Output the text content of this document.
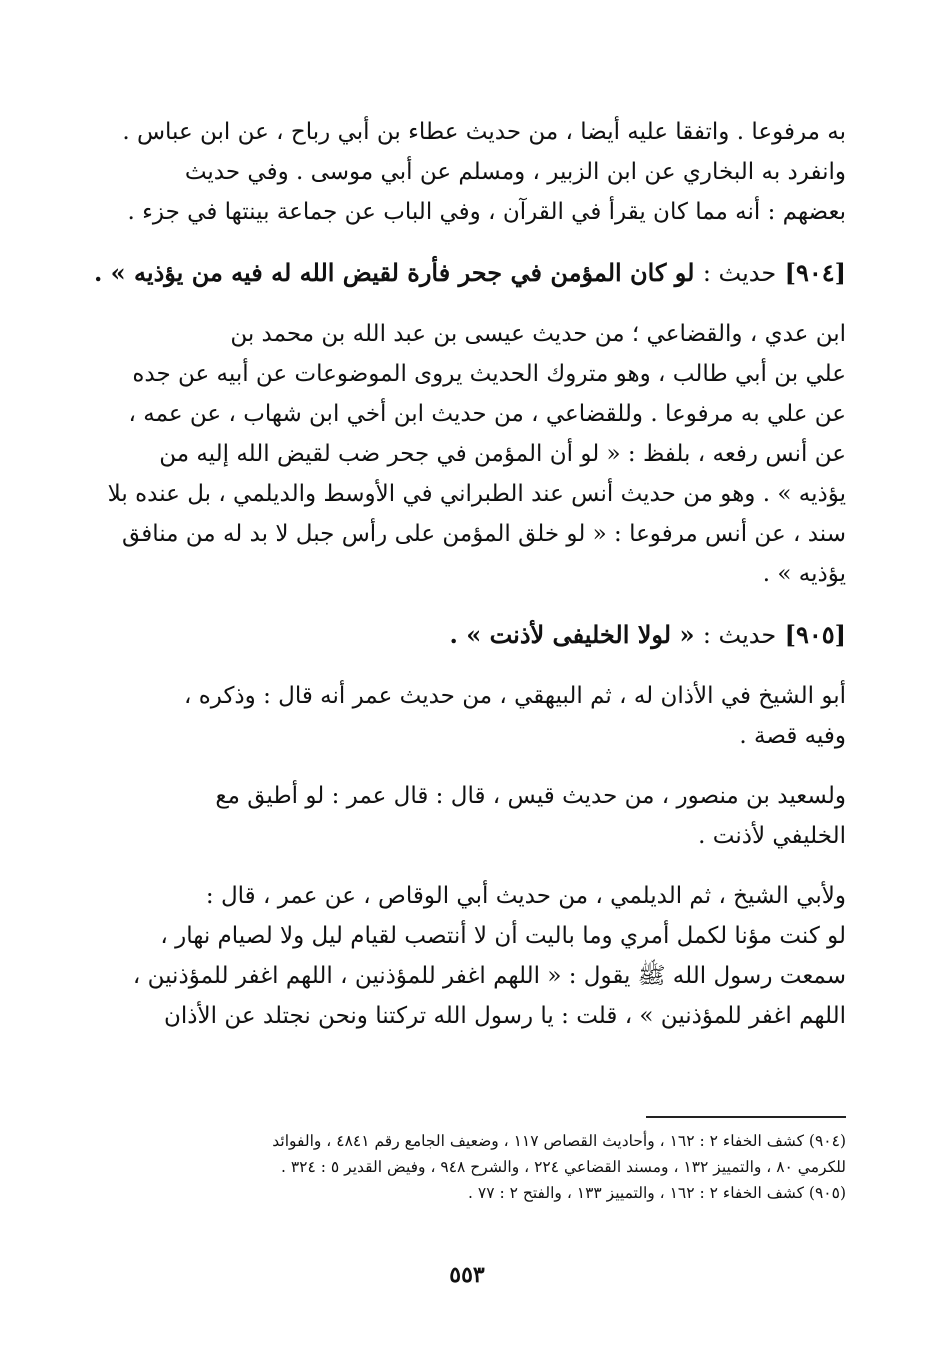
به مرفوعا . واتفقا عليه أيضا ، من حديث عطاء بن أبي رباح ، عن ابن عباس .
وانفرد به البخاري عن ابن الزبير ، ومسلم عن أبي موسى . وفي حديث
بعضهم : أنه مما كان يقرأ في القرآن ، وفي الباب عن جماعة بينتها في جزء .

[٩٠٤] حديث : لو كان المؤمن في جحر فأرة لقيض الله له فيه من يؤذيه » .

ابن عدي ، والقضاعي ؛ من حديث عيسى بن عبد الله بن محمد بن
علي بن أبي طالب ، وهو متروك الحديث يروى الموضوعات عن أبيه عن جده
عن علي به مرفوعا . وللقضاعي ، من حديث ابن أخي ابن شهاب ، عن عمه ،
عن أنس رفعه ، بلفظ : « لو أن المؤمن في جحر ضب لقيض الله إليه من
يؤذيه » . وهو من حديث أنس عند الطبراني في الأوسط والديلمي ، بل عنده بلا
سند ، عن أنس مرفوعا : « لو خلق المؤمن على رأس جبل لا بد له من منافق
يؤذيه » .

[٩٠٥] حديث : « لولا الخليفى لأذنت » .

أبو الشيخ في الأذان له ، ثم البيهقي ، من حديث عمر أنه قال : وذكره ،
وفيه قصة .

ولسعيد بن منصور ، من حديث قيس ، قال : قال عمر : لو أطيق مع
الخليفي لأذنت .

ولأبي الشيخ ، ثم الديلمي ، من حديث أبي الوقاص ، عن عمر ، قال :
لو كنت مؤنا لكمل أمري وما باليت أن لا أنتصب لقيام ليل ولا لصيام نهار ،
سمعت رسول الله ﷺ يقول : « اللهم اغفر للمؤذنين ، اللهم اغفر للمؤذنين ،
اللهم اغفر للمؤذنين » ، قلت : يا رسول الله تركتنا ونحن نجتلد عن الأذان

(٩٠٤) كشف الخفاء ٢ : ١٦٢ ، وأحاديث القصاص ١١٧ ، وضعيف الجامع رقم ٤٨٤١ ، والفوائد
للكرمي ٨٠ ، والتمييز ١٣٢ ، ومسند القضاعي ٢٢٤ ، والشرح ٩٤٨ ، وفيض القدير ٥ : ٣٢٤ .

(٩٠٥) كشف الخفاء ٢ : ١٦٢ ، والتمييز ١٣٣ ، والفتح ٢ : ٧٧ .

٥٥٣
